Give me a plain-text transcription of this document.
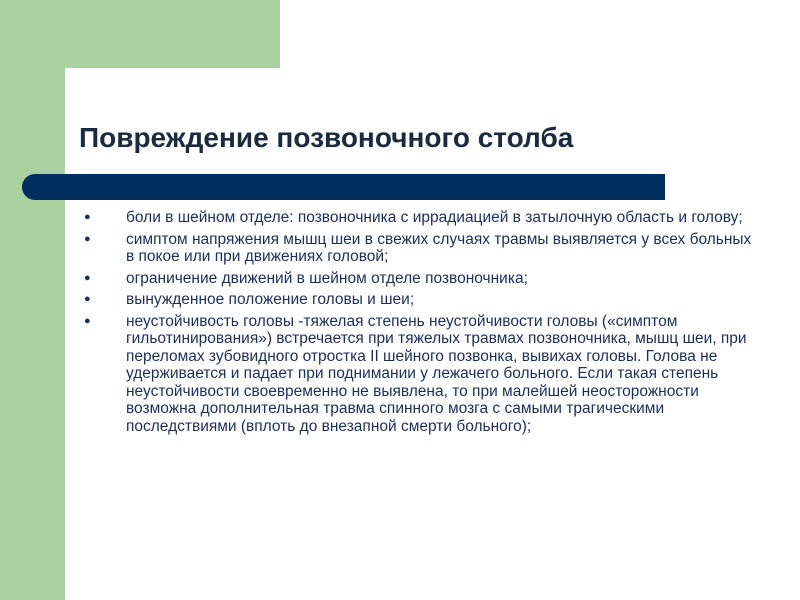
Повреждение позвоночного столба
● боли в шейном отделе: позвоночника с иррадиацией в затылочную область и голову;
● симптом напряжения мышц шеи в свежих случаях травмы выявляется у всех больных в покое или при движениях головой;
● ограничение движений в шейном отделе позвоночника;
● вынужденное положение головы и шеи;
● неустойчивость головы -тяжелая степень неустойчивости головы («симптом гильотинирования») встречается при тяжелых травмах позвоночника, мышц шеи, при переломах зубовидного отростка II шейного позвонка, вывихах головы. Голова не удерживается и падает при поднимании у лежачего больного. Если такая степень неустойчивости своевременно не выявлена, то при малейшей неосторожности возможна дополнительная травма спинного мозга с самыми трагическими последствиями (вплоть до внезапной смерти больного);
